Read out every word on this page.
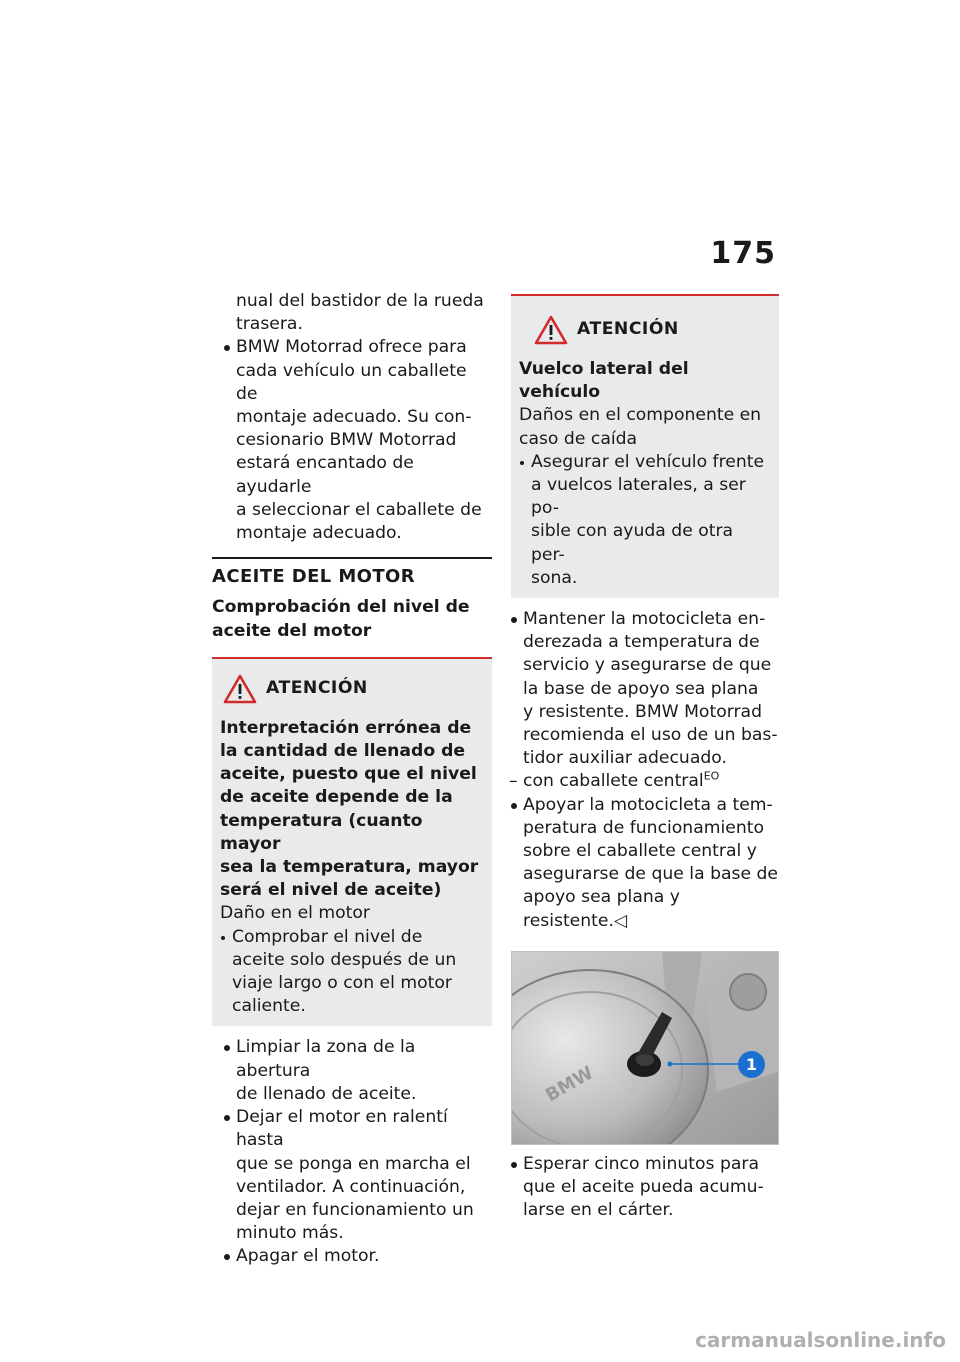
175
nual del bastidor de la rueda
trasera.
BMW Motorrad ofrece para
cada vehículo un caballete de
montaje adecuado. Su con-
cesionario BMW Motorrad
estará encantado de ayudarle
a seleccionar el caballete de
montaje adecuado.
ACEITE DEL MOTOR
Comprobación del nivel de
aceite del motor
ATENCIÓN
Interpretación errónea de
la cantidad de llenado de
aceite, puesto que el nivel
de aceite depende de la
temperatura (cuanto mayor
sea la temperatura, mayor
será el nivel de aceite)
Daño en el motor
Comprobar el nivel de
aceite solo después de un
viaje largo o con el motor
caliente.
Limpiar la zona de la abertura
de llenado de aceite.
Dejar el motor en ralentí hasta
que se ponga en marcha el
ventilador. A continuación,
dejar en funcionamiento un
minuto más.
Apagar el motor.
ATENCIÓN
Vuelco lateral del vehículo
Daños en el componente en
caso de caída
Asegurar el vehículo frente
a vuelcos laterales, a ser po-
sible con ayuda de otra per-
sona.
Mantener la motocicleta en-
derezada a temperatura de
servicio y asegurarse de que
la base de apoyo sea plana
y resistente. BMW Motorrad
recomienda el uso de un bas-
tidor auxiliar adecuado.
– con caballete central$^{EO}$
Apoyar la motocicleta a tem-
peratura de funcionamiento
sobre el caballete central y
asegurarse de que la base de
apoyo sea plana y resistente.◁
BMW	1
Esperar cinco minutos para
que el aceite pueda acumu-
larse en el cárter.
carmanualsonline.info
